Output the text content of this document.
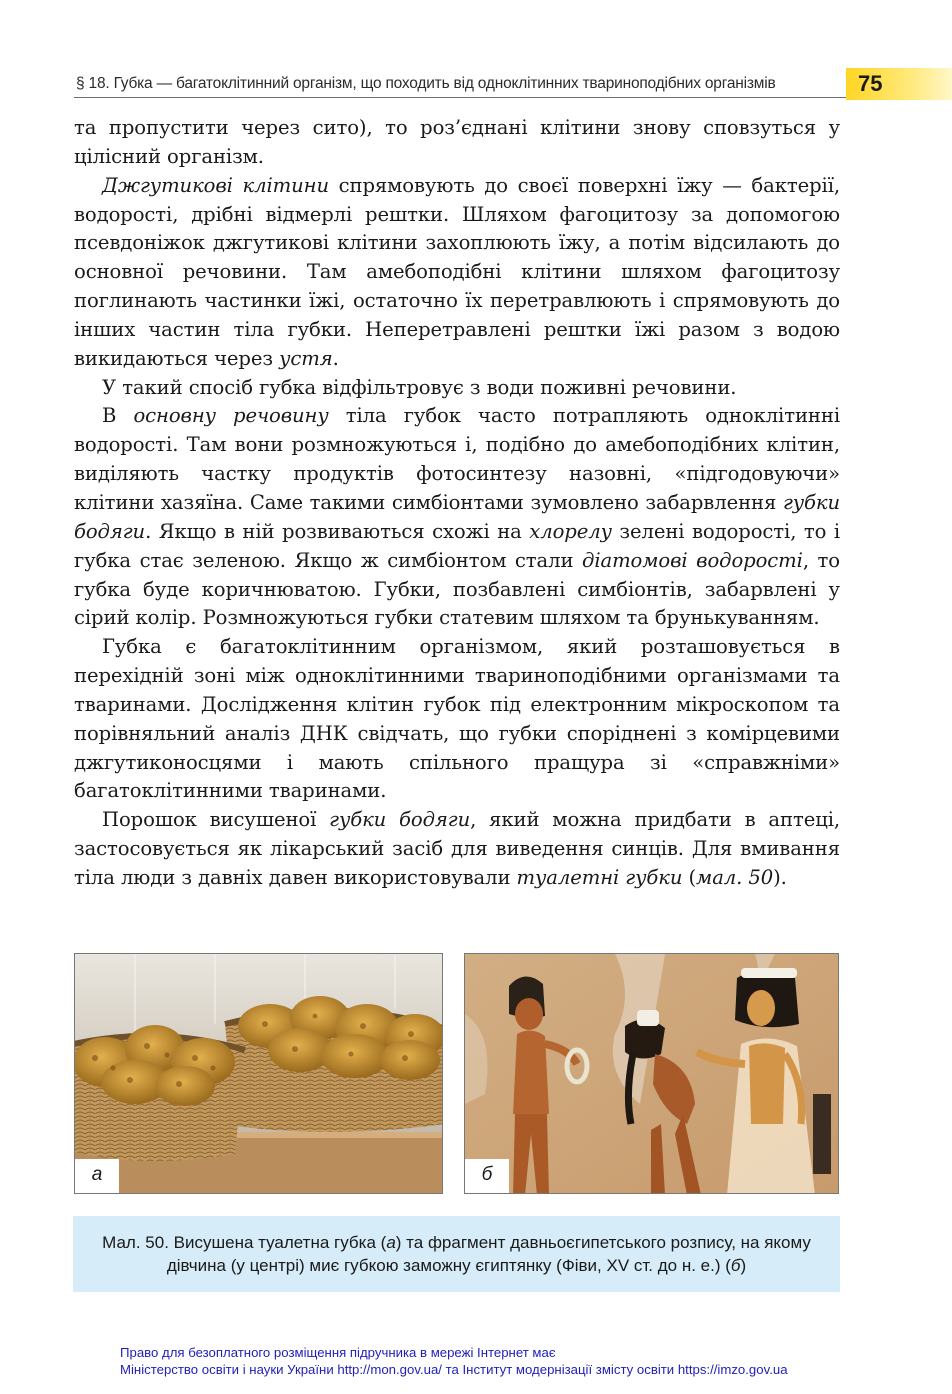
§ 18. Губка — багатоклітинний організм, що походить від одноклітинних тваринoподібних організмів	75

та пропустити через сито), то роз’єднані клітини знову сповзуться у цілісний організм.

Джгутикові клітини спрямовують до своєї поверхні їжу — бактерії, водорості, дрібні відмерлі рештки. Шляхом фагоцитозу за допомогою псевдоніжок джгутикові клітини захоплюють їжу, а потім відсилають до основної речовини. Там амебоподібні клітини шляхом фагоцитозу поглинають частинки їжі, остаточно їх перетравлюють і спрямовують до інших частин тіла губки. Неперетравлені рештки їжі разом з водою викидаються через устя.

У такий спосіб губка відфільтровує з води поживні речовини.

В основну речовину тіла губок часто потрапляють одноклітинні водорості. Там вони розмножуються і, подібно до амебоподібних клітин, виділяють частку продуктів фотосинтезу назовні, «підгодовуючи» клітини хазяїна. Саме такими симбіонтами зумовлено забарвлення губки бодяги. Якщо в ній розвиваються схожі на хлорелу зелені водорості, то і губка стає зеленою. Якщо ж симбіонтом стали діатомові водорості, то губка буде коричнюватою. Губки, позбавлені симбіонтів, забарвлені у сірий колір. Розмножуються губки статевим шляхом та брунькуванням.

Губка є багатоклітинним організмом, який розташовується в перехідній зоні між одноклітинними тваринoподібними організмами та тваринами. Дослідження клітин губок під електронним мікроскопом та порівняльний аналіз ДНК свідчать, що губки споріднені з комірцевими джгутиконосцями і мають спільного пращура зі «справжніми» багатоклітинними тваринами.

Порошок висушеної губки бодяги, який можна придбати в аптеці, застосовується як лікарський засіб для виведення синців. Для вмивання тіла люди з давніх давен використовували туалетні губки (мал. 50).

а	б
Мал. 50. Висушена туалетна губка (а) та фрагмент давньоєгипетського розпису, на якому дівчина (у центрі) миє губкою заможну єгиптянку (Фіви, XV ст. до н. е.) (б)
Право для безоплатного розміщення підручника в мережі Інтернет має
Міністерство освіти і науки України http://mon.gov.ua/ та Інститут модернізації змісту освіти https://imzo.gov.ua
